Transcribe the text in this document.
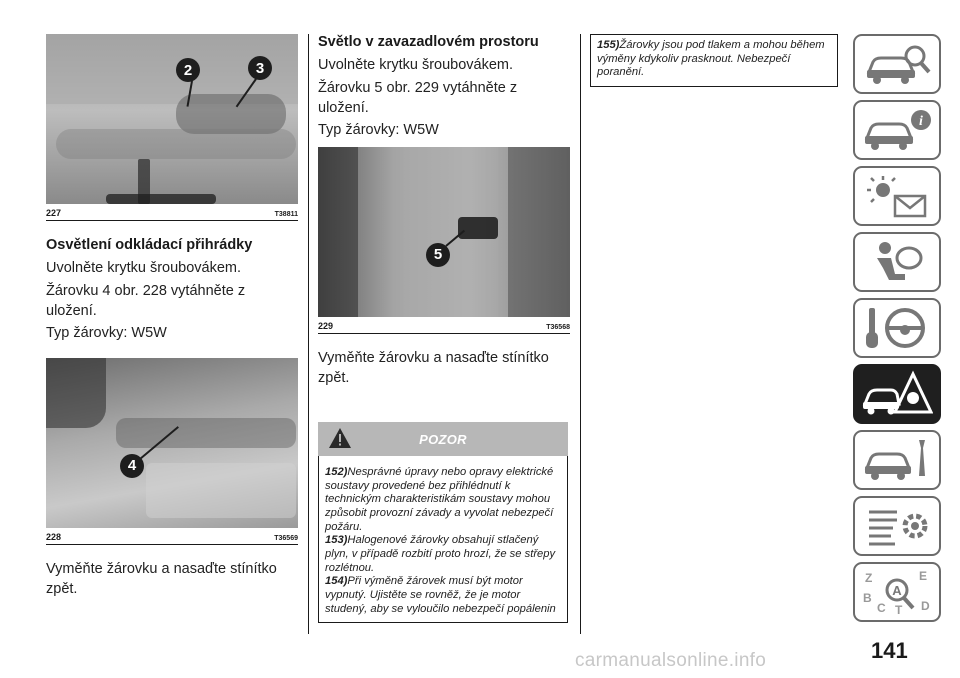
2	3
227	T38811
Osvětlení odkládací přihrádky

Uvolněte krytku šroubovákem.

Žárovku 4 obr. 228 vytáhněte z uložení.

Typ žárovky: W5W

4
228	T36569

Vyměňte žárovku a nasaďte stínítko zpět.

Světlo v zavazadlovém prostoru

Uvolněte krytku šroubovákem.

Žárovku 5 obr. 229 vytáhněte z uložení.

Typ žárovky: W5W

5
229	T36568

Vyměňte žárovku a nasaďte stínítko zpět.

POZOR

152)Nesprávné úpravy nebo opravy elektrické soustavy provedené bez přihlédnutí k technickým charakteristikám soustavy mohou způsobit provozní závady a vyvolat nebezpečí požáru.

153)Halogenové žárovky obsahují stlačený plyn, v případě rozbití proto hrozí, že se střepy rozlétnou.

154)Při výměně žárovek musí být motor vypnutý. Ujistěte se rovněž, že je motor studený, aby se vyloučilo nebezpečí popálenin

155)Žárovky jsou pod tlakem a mohou během výměny kdykoliv prasknout. Nebezpečí poranění.

i
Z	E
B
C T D
A
141
carmanualsonline.info
